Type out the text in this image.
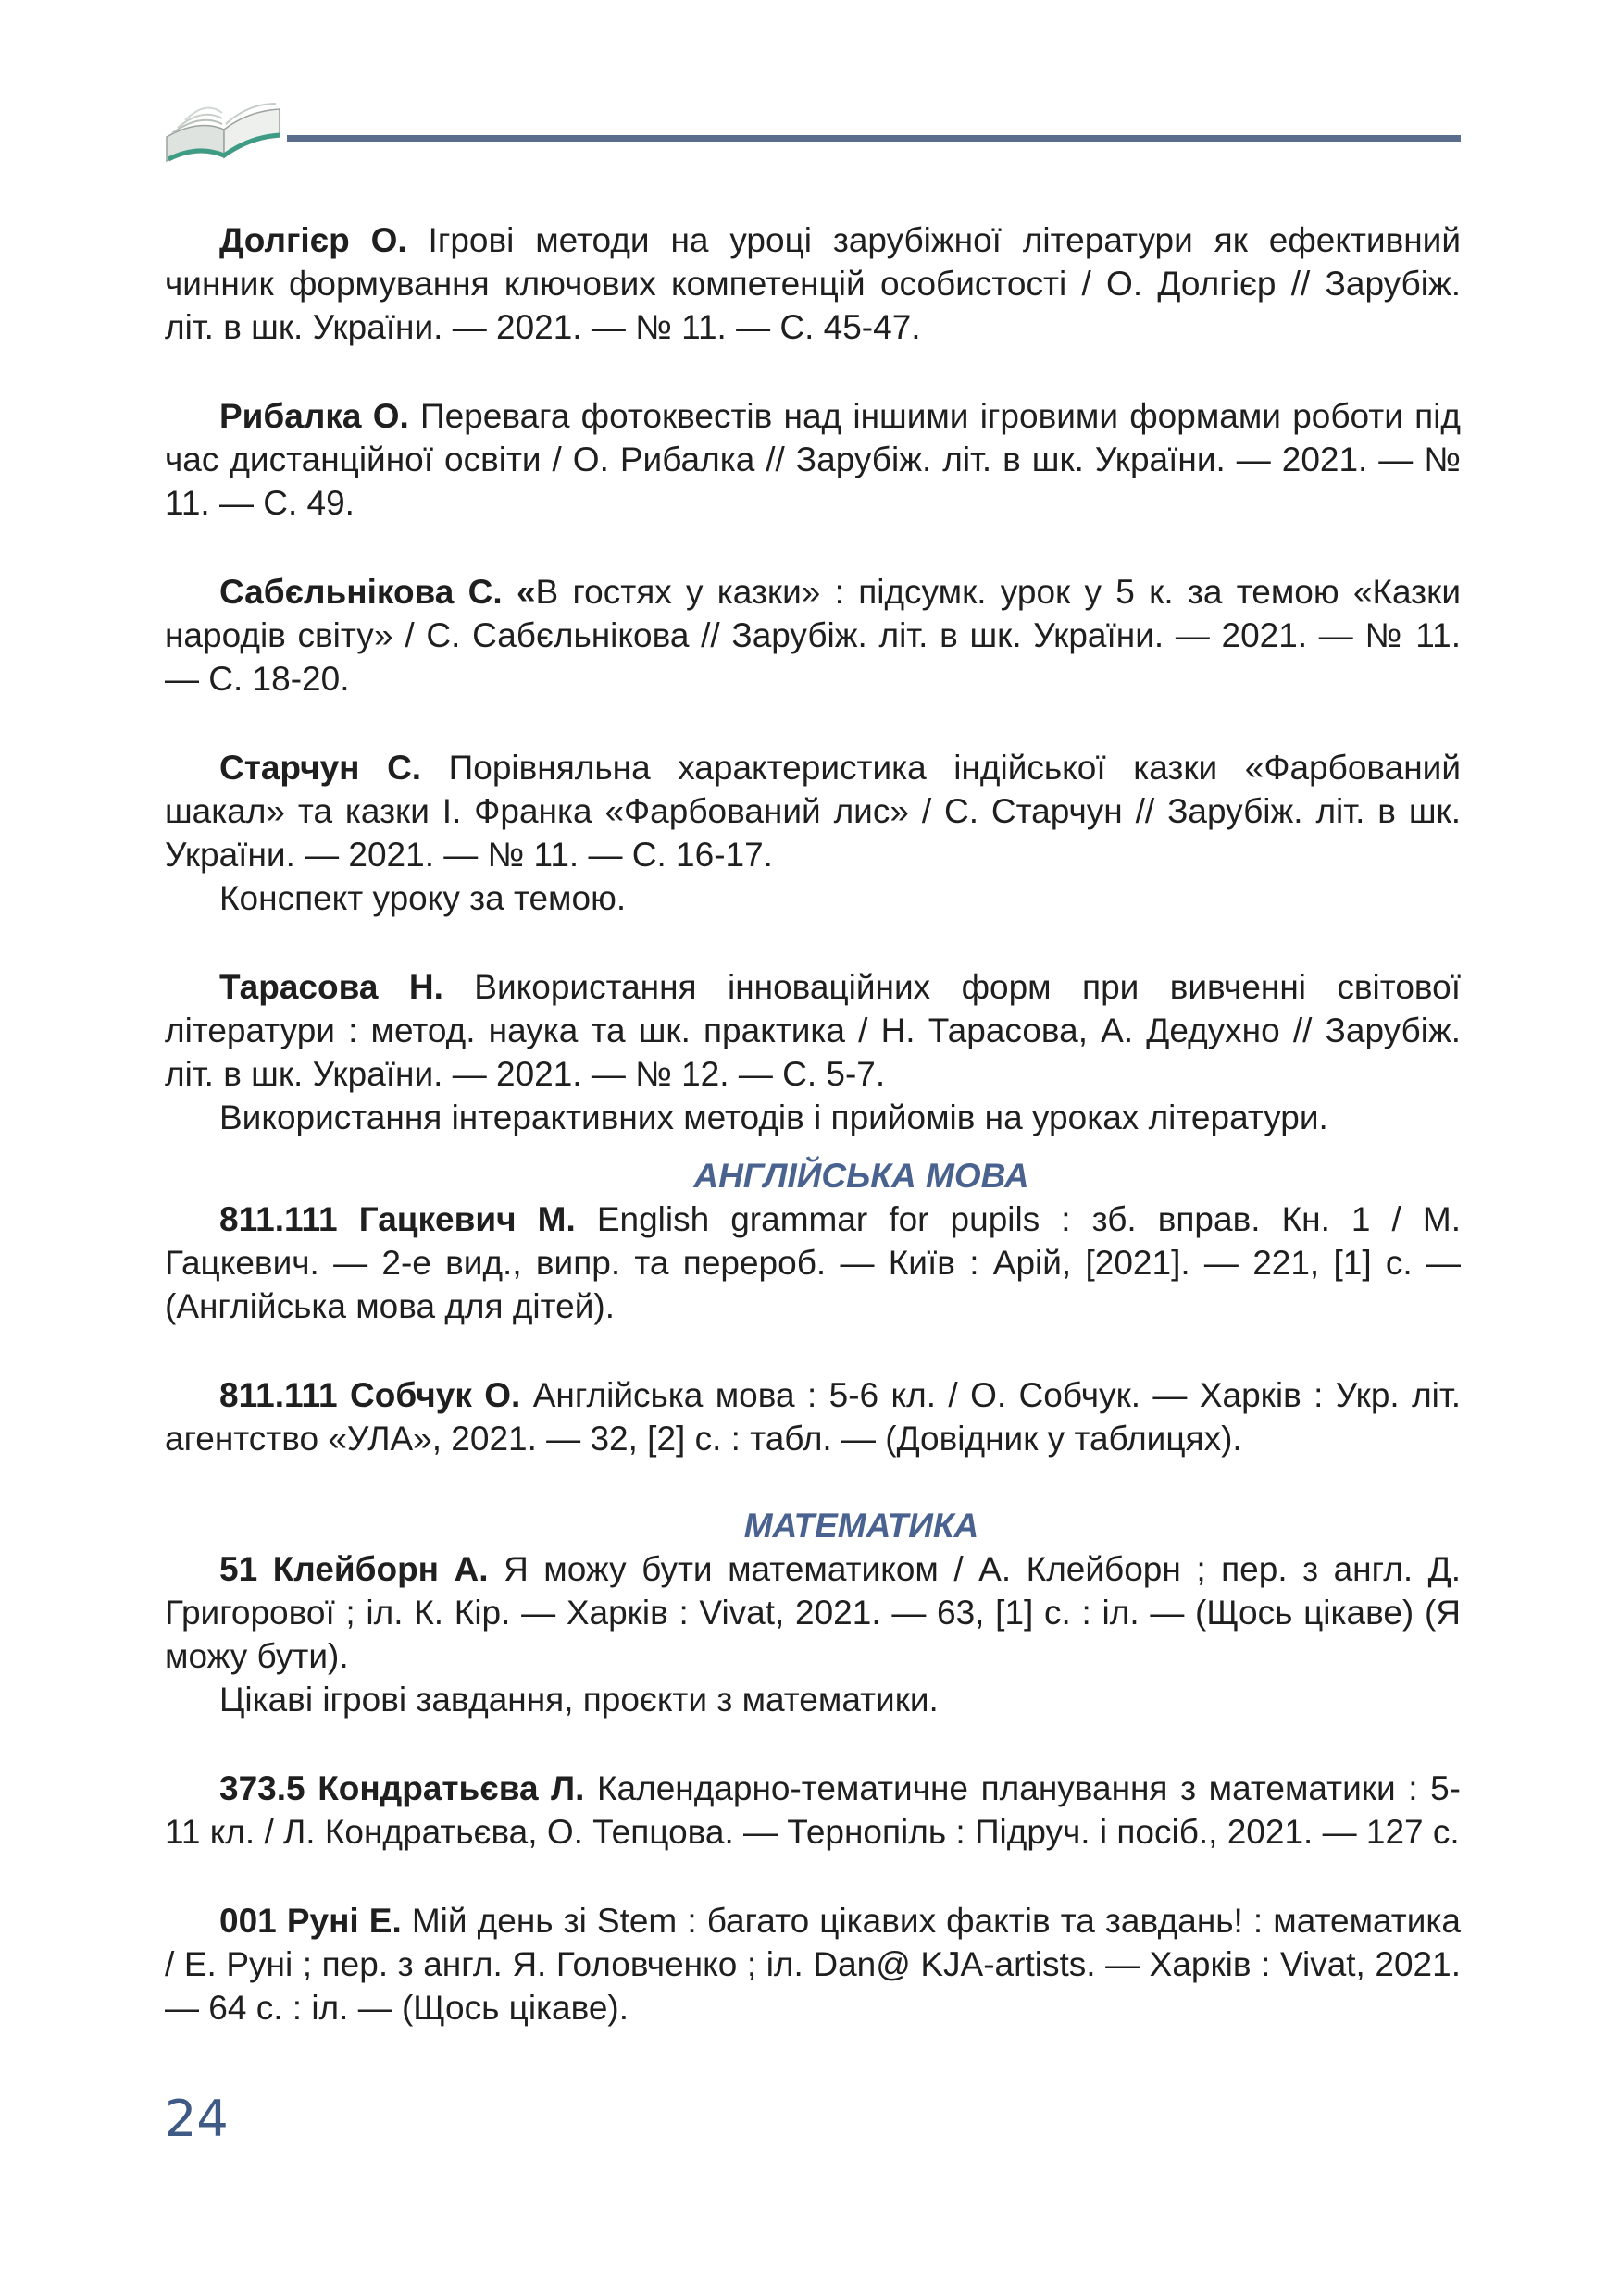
Долгієр О. Ігрові методи на уроці зарубіжної літератури як ефективний чинник формування ключових компетенцій особистості / О. Долгієр // Зарубіж. літ. в шк. України. — 2021. — № 11. — С. 45-47.

Рибалка О. Перевага фотоквестів над іншими ігровими формами роботи під час дистанційної освіти / О. Рибалка // Зарубіж. літ. в шк. України. — 2021. — № 11. — С. 49.

Сабєльнікова С. «В гостях у казки» : підсумк. урок у 5 к. за темою «Казки народів світу» / С. Сабєльнікова // Зарубіж. літ. в шк. України. — 2021. — № 11. — С. 18-20.

Старчун С. Порівняльна характеристика індійської казки «Фарбований шакал» та казки І. Франка «Фарбований лис» / С. Старчун // Зарубіж. літ. в шк. України. — 2021. — № 11. — С. 16-17.

Конспект уроку за темою.

Тарасова Н. Використання інноваційних форм при вивченні світової літератури : метод. наука та шк. практика / Н. Тарасова, А. Дедухно // Зарубіж. літ. в шк. України. — 2021. — № 12. — С. 5-7.

Використання інтерактивних методів і прийомів на уроках літератури.

АНГЛІЙСЬКА МОВА

811.111 Гацкевич М. English grammar for pupils : зб. вправ. Кн. 1 / М. Гацкевич. — 2-е вид., випр. та перероб. — Київ : Арій, [2021]. — 221, [1] с. — (Англійська мова для дітей).

811.111 Собчук О. Англійська мова : 5-6 кл. / О. Собчук. — Харків : Укр. літ. агентство «УЛА», 2021. — 32, [2] с. : табл. — (Довідник у таблицях).

МАТЕМАТИКА

51 Клейборн А. Я можу бути математиком / А. Клейборн ; пер. з англ. Д. Григорової ; іл. К. Кір. — Харків : Vivat, 2021. — 63, [1] с. : іл. — (Щось цікаве) (Я можу бути).

Цікаві ігрові завдання, проєкти з математики.

373.5 Кондратьєва Л. Календарно-тематичне планування з математики : 5-11 кл. / Л. Кондратьєва, О. Тепцова. — Тернопіль : Підруч. і посіб., 2021. — 127 с.

001 Руні Е. Мій день зі Stem : багато цікавих фактів та завдань! : математика / Е. Руні ; пер. з англ. Я. Головченко ; іл. Dan@ KJA-artists. — Харків : Vivat, 2021. — 64 с. : іл. — (Щось цікаве).

24
